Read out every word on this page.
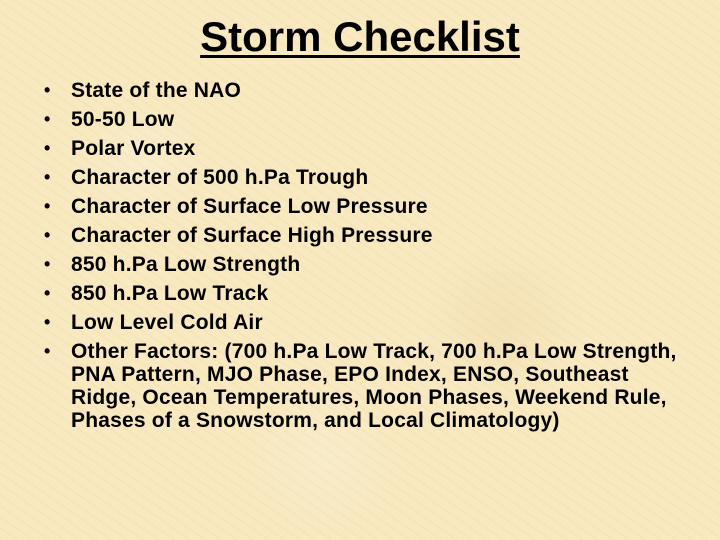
Storm Checklist
• State of the NAO
• 50-50 Low
• Polar Vortex
• Character of 500 h.Pa Trough
• Character of Surface Low Pressure
• Character of Surface High Pressure
• 850 h.Pa Low Strength
• 850 h.Pa Low Track
• Low Level Cold Air
• Other Factors: (700 h.Pa Low Track, 700 h.Pa Low Strength, PNA Pattern, MJO Phase, EPO Index, ENSO, Southeast Ridge, Ocean Temperatures, Moon Phases, Weekend Rule, Phases of a Snowstorm, and Local Climatology)
